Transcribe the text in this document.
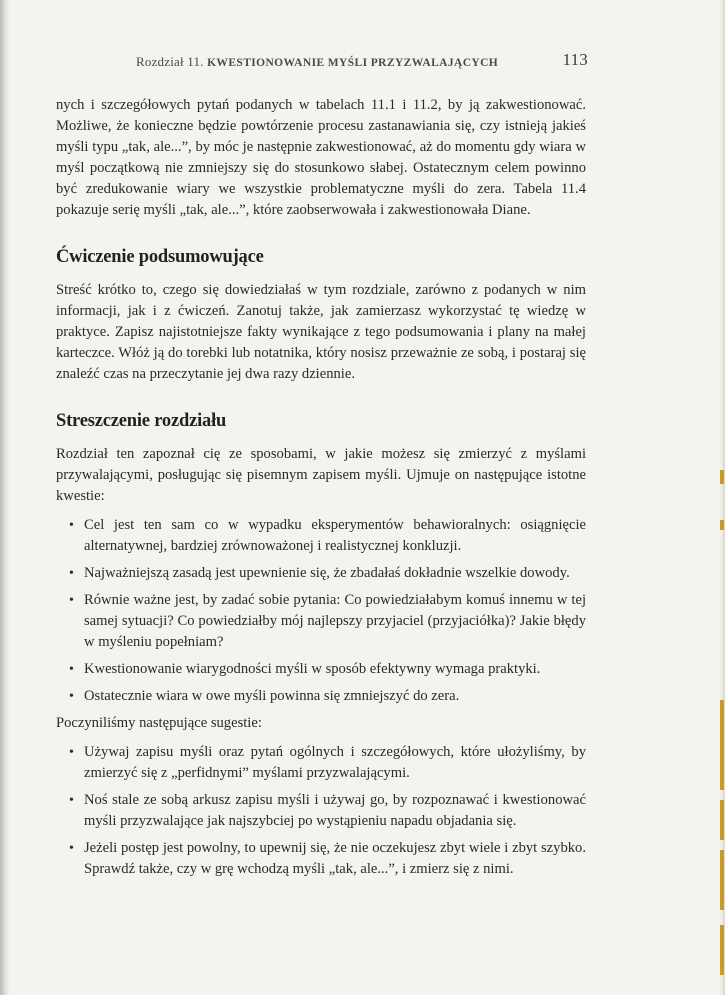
Rozdział 11. KWESTIONOWANIE MYŚLI PRZYZWALAJĄCYCH	113

nych i szczegółowych pytań podanych w tabelach 11.1 i 11.2, by ją zakwestionować. Możliwe, że konieczne będzie powtórzenie procesu zastanawiania się, czy istnieją jakieś myśli typu „tak, ale...”, by móc je następnie zakwestionować, aż do momentu gdy wiara w myśl początkową nie zmniejszy się do stosunkowo słabej. Ostatecznym celem powinno być zredukowanie wiary we wszystkie problematyczne myśli do zera. Tabela 11.4 pokazuje serię myśli „tak, ale...”, które zaobserwowała i zakwestionowała Diane.

Ćwiczenie podsumowujące

Streść krótko to, czego się dowiedziałaś w tym rozdziale, zarówno z podanych w nim informacji, jak i z ćwiczeń. Zanotuj także, jak zamierzasz wykorzystać tę wiedzę w praktyce. Zapisz najistotniejsze fakty wynikające z tego podsumowania i plany na małej karteczce. Włóż ją do torebki lub notatnika, który nosisz przeważnie ze sobą, i postaraj się znaleźć czas na przeczytanie jej dwa razy dziennie.

Streszczenie rozdziału

Rozdział ten zapoznał cię ze sposobami, w jakie możesz się zmierzyć z myślami przywalającymi, posługując się pisemnym zapisem myśli. Ujmuje on następujące istotne kwestie:

• Cel jest ten sam co w wypadku eksperymentów behawioralnych: osiągnięcie alternatywnej, bardziej zrównoważonej i realistycznej konkluzji.
• Najważniejszą zasadą jest upewnienie się, że zbadałaś dokładnie wszelkie dowody.
• Równie ważne jest, by zadać sobie pytania: Co powiedziałabym komuś innemu w tej samej sytuacji? Co powiedziałby mój najlepszy przyjaciel (przyjaciółka)? Jakie błędy w myśleniu popełniam?
• Kwestionowanie wiarygodności myśli w sposób efektywny wymaga praktyki.
• Ostatecznie wiara w owe myśli powinna się zmniejszyć do zera.

Poczyniliśmy następujące sugestie:

• Używaj zapisu myśli oraz pytań ogólnych i szczegółowych, które ułożyliśmy, by zmierzyć się z „perfidnymi” myślami przyzwalającymi.
• Noś stale ze sobą arkusz zapisu myśli i używaj go, by rozpoznawać i kwestionować myśli przyzwalające jak najszybciej po wystąpieniu napadu objadania się.
• Jeżeli postęp jest powolny, to upewnij się, że nie oczekujesz zbyt wiele i zbyt szybko. Sprawdź także, czy w grę wchodzą myśli „tak, ale...”, i zmierz się z nimi.
